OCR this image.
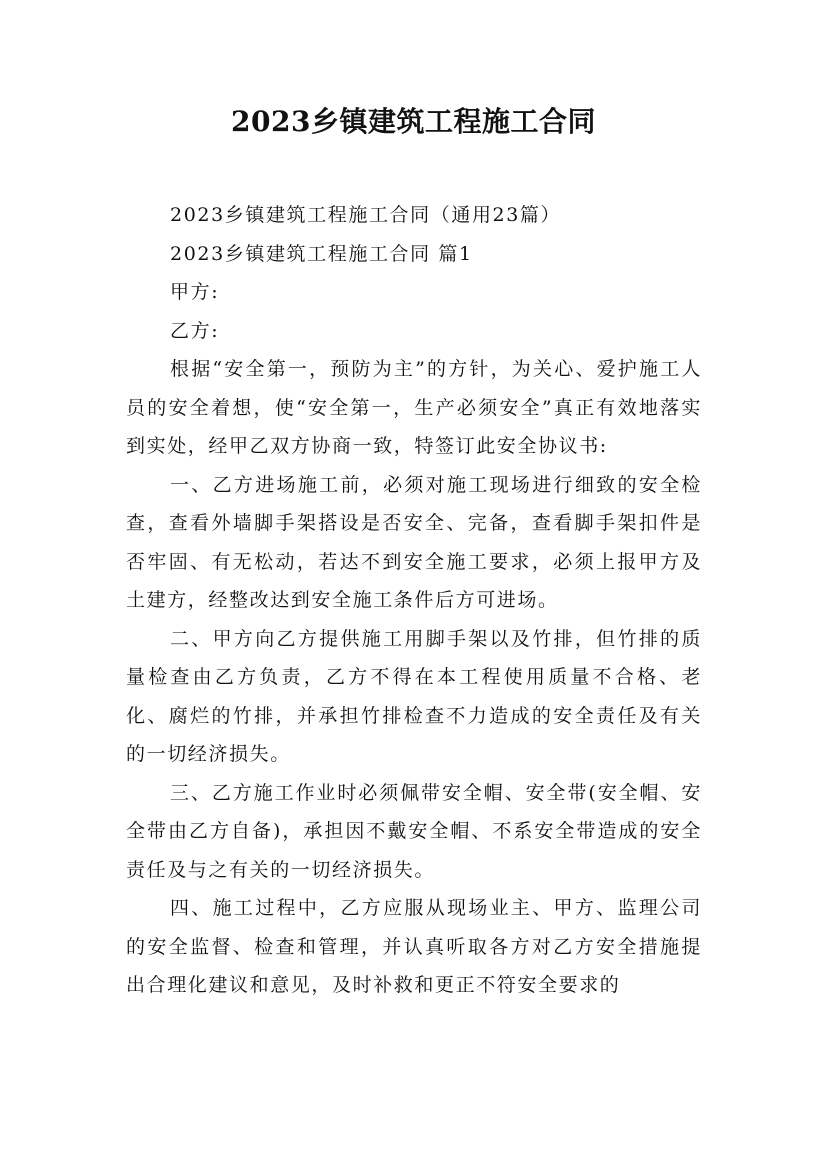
2023乡镇建筑工程施工合同

2023乡镇建筑工程施工合同（通用23篇）

2023乡镇建筑工程施工合同 篇1

甲方:

乙方:

根据“安全第一，预防为主”的方针，为关心、爱护施工人员的安全着想，使“安全第一，生产必须安全”真正有效地落实到实处，经甲乙双方协商一致，特签订此安全协议书:

一、乙方进场施工前，必须对施工现场进行细致的安全检查，查看外墙脚手架搭设是否安全、完备，查看脚手架扣件是否牢固、有无松动，若达不到安全施工要求，必须上报甲方及土建方，经整改达到安全施工条件后方可进场。

二、甲方向乙方提供施工用脚手架以及竹排，但竹排的质量检查由乙方负责，乙方不得在本工程使用质量不合格、老化、腐烂的竹排，并承担竹排检查不力造成的安全责任及有关的一切经济损失。

三、乙方施工作业时必须佩带安全帽、安全带(安全帽、安全带由乙方自备)，承担因不戴安全帽、不系安全带造成的安全责任及与之有关的一切经济损失。

四、施工过程中，乙方应服从现场业主、甲方、监理公司的安全监督、检查和管理，并认真听取各方对乙方安全措施提出合理化建议和意见，及时补救和更正不符安全要求的
